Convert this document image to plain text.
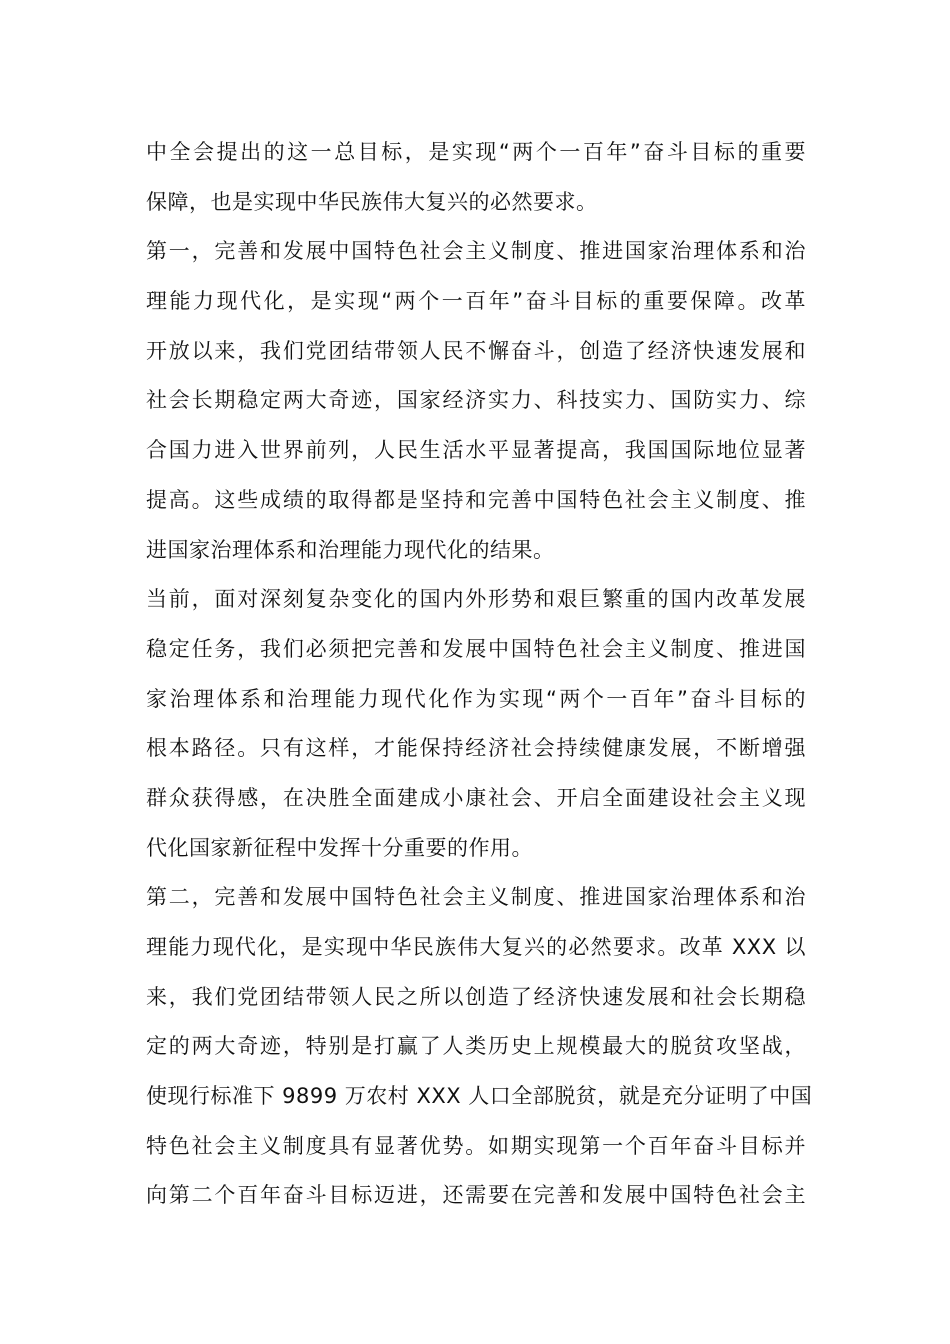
中全会提出的这一总目标，是实现“两个一百年”奋斗目标的重要
保障，也是实现中华民族伟大复兴的必然要求。
第一，完善和发展中国特色社会主义制度、推进国家治理体系和治
理能力现代化，是实现“两个一百年”奋斗目标的重要保障。改革
开放以来，我们党团结带领人民不懈奋斗，创造了经济快速发展和
社会长期稳定两大奇迹，国家经济实力、科技实力、国防实力、综
合国力进入世界前列，人民生活水平显著提高，我国国际地位显著
提高。这些成绩的取得都是坚持和完善中国特色社会主义制度、推
进国家治理体系和治理能力现代化的结果。
当前，面对深刻复杂变化的国内外形势和艰巨繁重的国内改革发展
稳定任务，我们必须把完善和发展中国特色社会主义制度、推进国
家治理体系和治理能力现代化作为实现“两个一百年”奋斗目标的
根本路径。只有这样，才能保持经济社会持续健康发展，不断增强
群众获得感，在决胜全面建成小康社会、开启全面建设社会主义现
代化国家新征程中发挥十分重要的作用。
第二，完善和发展中国特色社会主义制度、推进国家治理体系和治
理能力现代化，是实现中华民族伟大复兴的必然要求。改革 XXX 以
来，我们党团结带领人民之所以创造了经济快速发展和社会长期稳
定的两大奇迹，特别是打赢了人类历史上规模最大的脱贫攻坚战，
使现行标准下 9899 万农村 XXX 人口全部脱贫，就是充分证明了中国
特色社会主义制度具有显著优势。如期实现第一个百年奋斗目标并
向第二个百年奋斗目标迈进，还需要在完善和发展中国特色社会主
